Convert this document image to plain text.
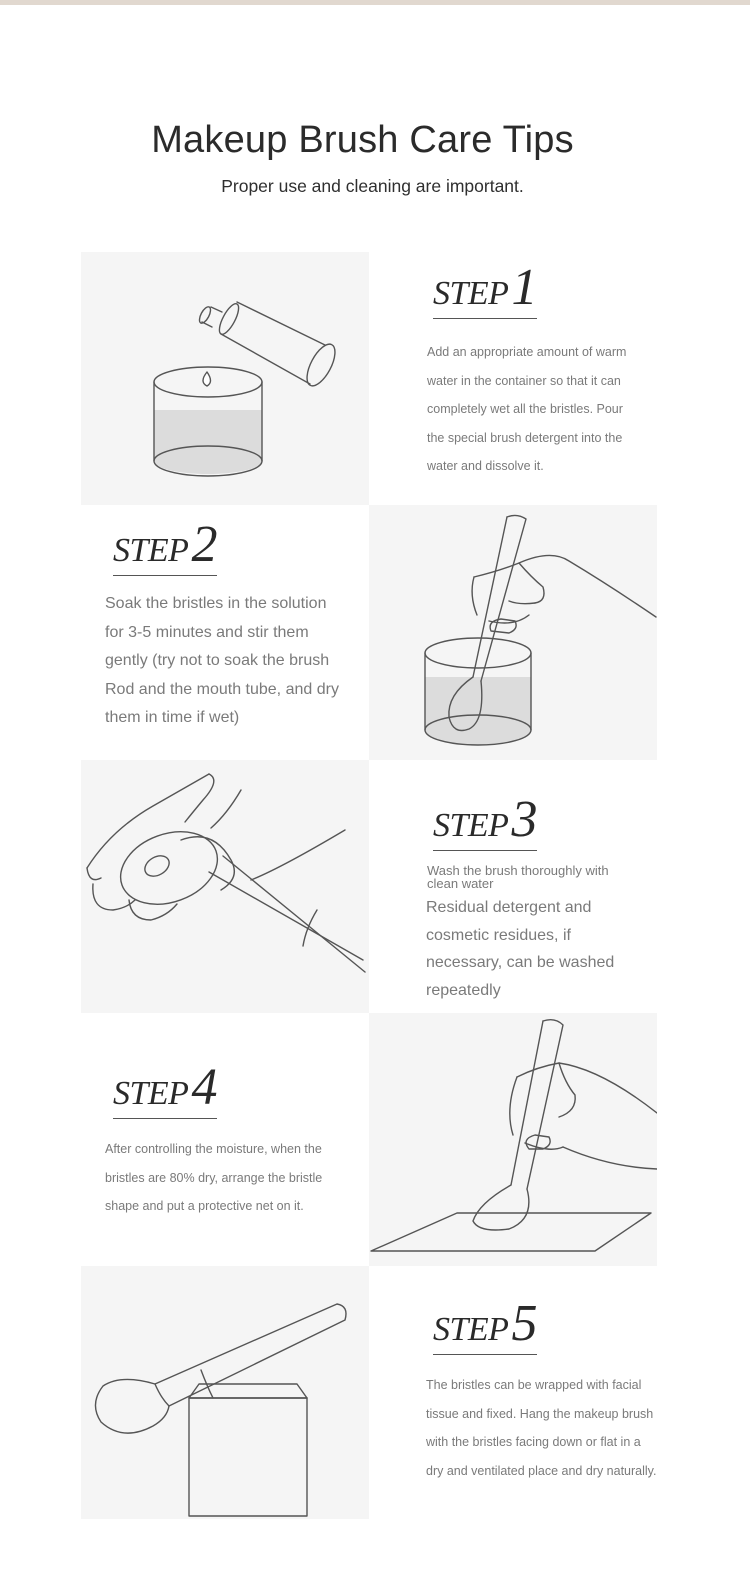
Makeup Brush Care Tips
Proper use and cleaning are important.
STEP1

Add an appropriate amount of warm water in the container so that it can completely wet all the bristles. Pour the special brush detergent into the water and dissolve it.

STEP2

Soak the bristles in the solution for 3-5 minutes and stir them gently (try not to soak the brush Rod and the mouth tube, and dry them in time if wet)

STEP3

Wash the brush thoroughly with clean water

Residual detergent and cosmetic residues, if necessary, can be washed repeatedly

STEP4

After controlling the moisture, when the bristles are 80% dry, arrange the bristle shape and put a protective net on it.

STEP5

The bristles can be wrapped with facial tissue and fixed. Hang the makeup brush with the bristles facing down or flat in a dry and ventilated place and dry naturally.
